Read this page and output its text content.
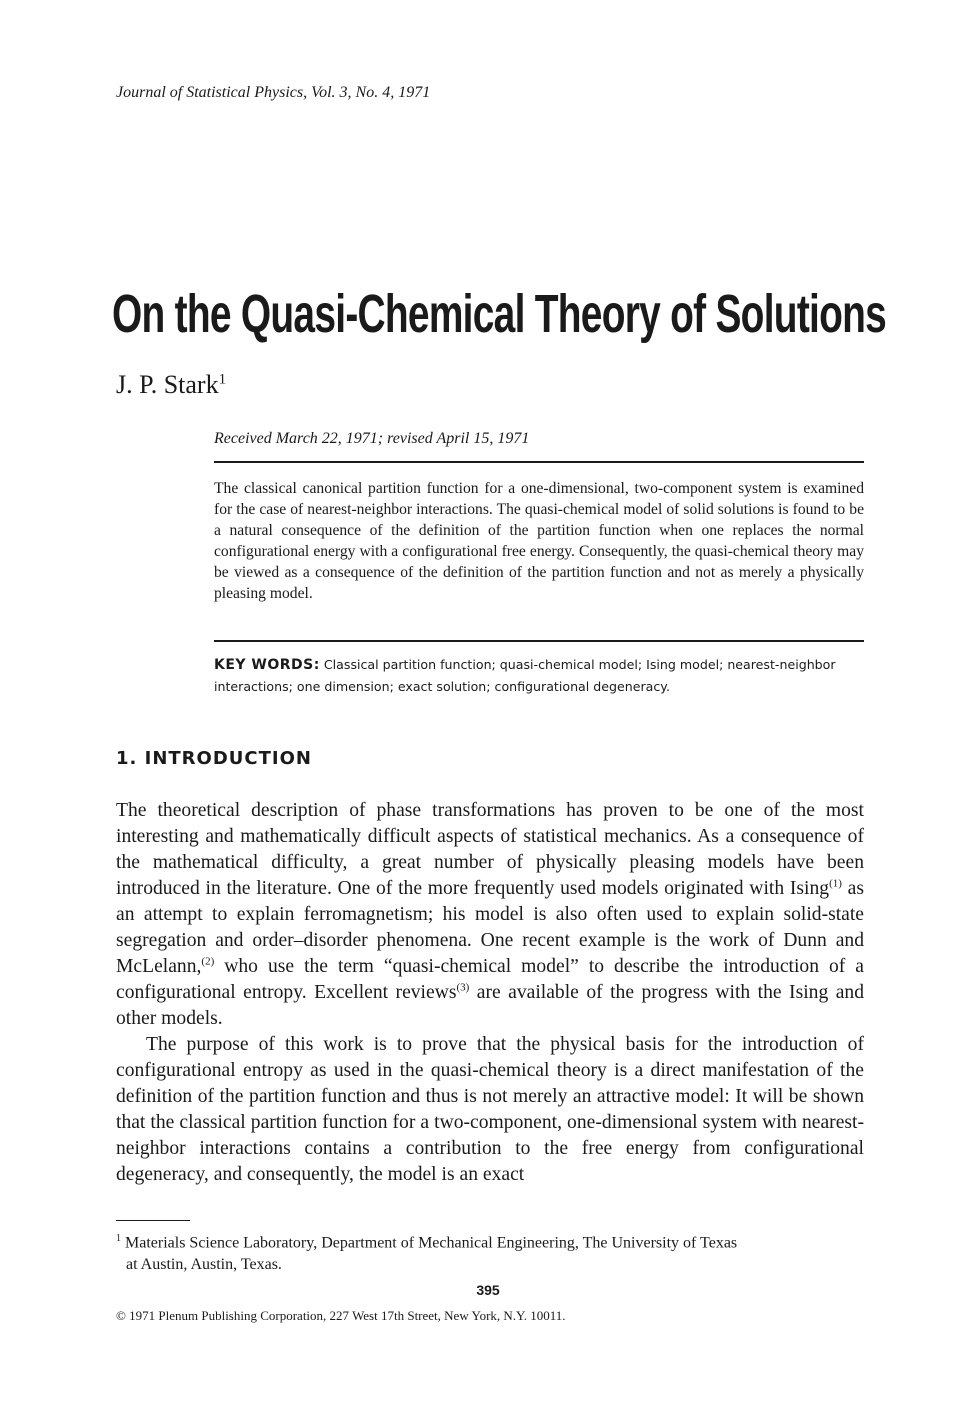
Journal of Statistical Physics, Vol. 3, No. 4, 1971
On the Quasi-Chemical Theory of Solutions
J. P. Stark$^1$
Received March 22, 1971; revised April 15, 1971
The classical canonical partition function for a one-dimensional, two-component system is examined for the case of nearest-neighbor interactions. The quasi-chemical model of solid solutions is found to be a natural consequence of the definition of the partition function when one replaces the normal configurational energy with a configurational free energy. Consequently, the quasi-chemical theory may be viewed as a consequence of the definition of the partition function and not as merely a physically pleasing model.
KEY WORDS: Classical partition function; quasi-chemical model; Ising model; nearest-neighbor interactions; one dimension; exact solution; configurational degeneracy.
1. INTRODUCTION

The theoretical description of phase transformations has proven to be one of the most interesting and mathematically difficult aspects of statistical mechanics. As a consequence of the mathematical difficulty, a great number of physically pleasing models have been introduced in the literature. One of the more frequently used models originated with Ising$^{(1)}$ as an attempt to explain ferromagnetism; his model is also often used to explain solid-state segregation and order–disorder phenomena. One recent example is the work of Dunn and McLelann,$^{(2)}$ who use the term “quasi-chemical model” to describe the introduction of a configurational entropy. Excellent reviews$^{(3)}$ are available of the progress with the Ising and other models.

The purpose of this work is to prove that the physical basis for the introduction of configurational entropy as used in the quasi-chemical theory is a direct manifestation of the definition of the partition function and thus is not merely an attractive model: It will be shown that the classical partition function for a two-component, one-dimensional system with nearest-neighbor interactions contains a contribution to the free energy from configurational degeneracy, and consequently, the model is an exact

$^1$ Materials Science Laboratory, Department of Mechanical Engineering, The University of Texas
at Austin, Austin, Texas.
395
© 1971 Plenum Publishing Corporation, 227 West 17th Street, New York, N.Y. 10011.
